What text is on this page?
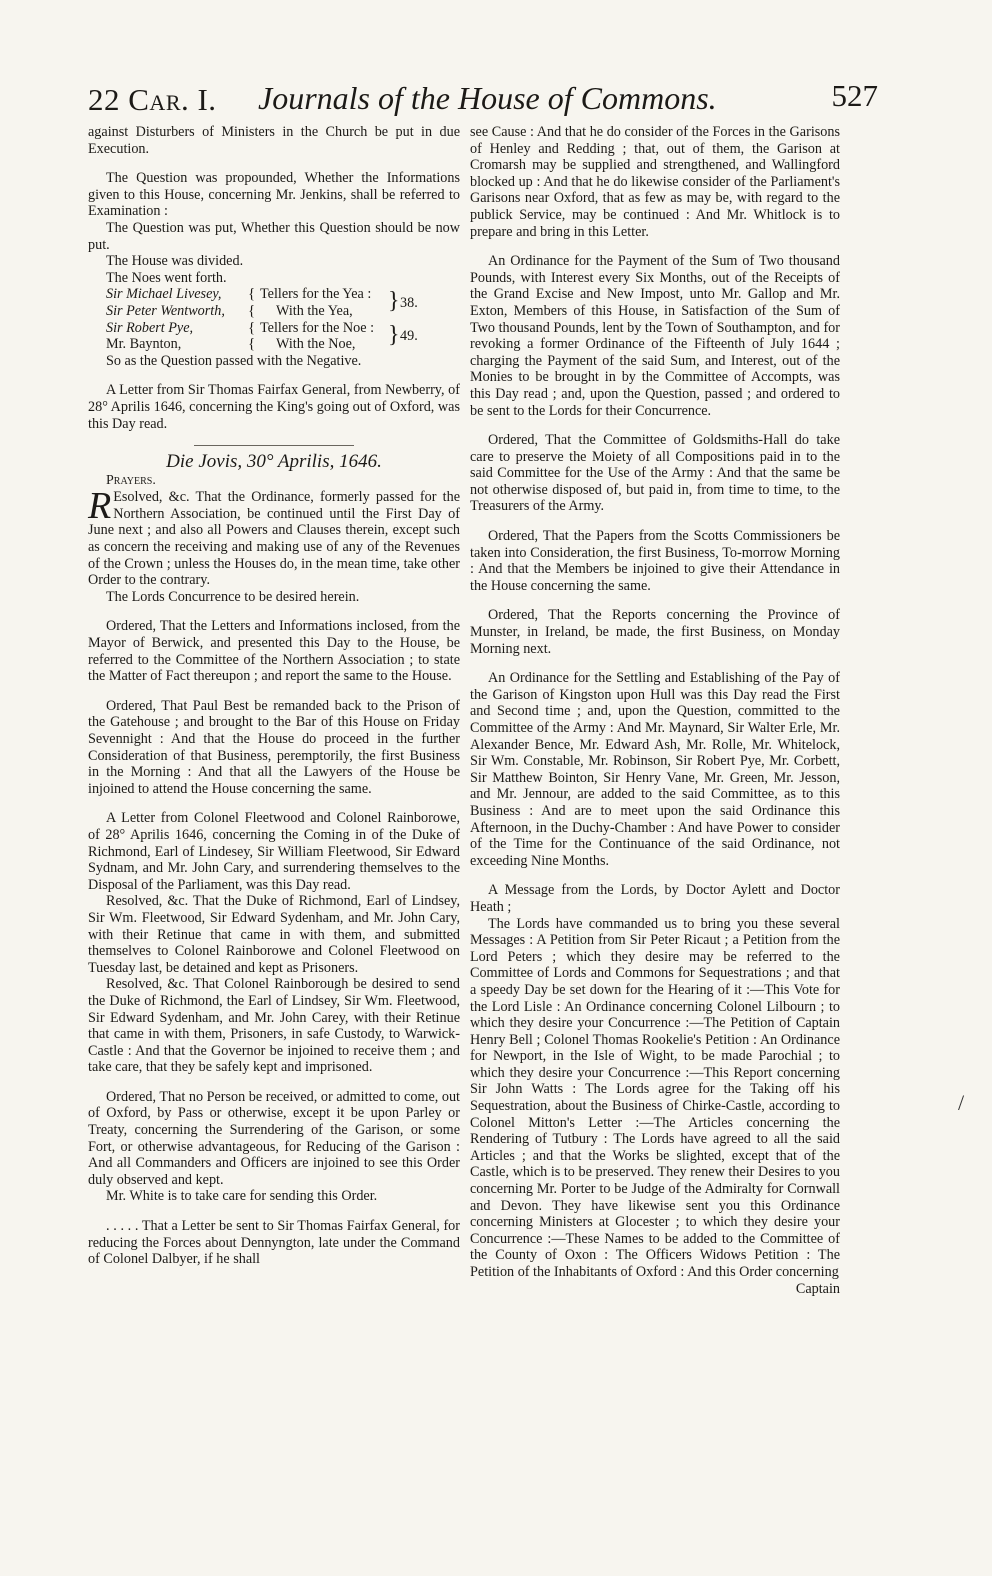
22 Car. I. Journals of the House of Commons.	527

against Disturbers of Ministers in the Church be put in due Execution.

The Question was propounded, Whether the Informations given to this House, concerning Mr. Jenkins, shall be referred to Examination :

The Question was put, Whether this Question should be now put.

The House was divided.

The Noes went forth.

Sir Michael Livesey,	{	Tellers for the Yea :	}	38.
Sir Peter Wentworth,	{	With the Yea,		
Sir Robert Pye,	{	Tellers for the Noe :	}	49.
Mr. Baynton,	{	With the Noe,		

So as the Question passed with the Negative.

A Letter from Sir Thomas Fairfax General, from Newberry, of 28° Aprilis 1646, concerning the King's going out of Oxford, was this Day read.

Die Jovis, 30° Aprilis, 1646.
Prayers.

R Esolved, &c. That the Ordinance, formerly passed for the Northern Association, be continued until the First Day of June next ; and also all Powers and Clauses therein, except such as concern the receiving and making use of any of the Revenues of the Crown ; unless the Houses do, in the mean time, take other Order to the contrary.

The Lords Concurrence to be desired herein.

Ordered, That the Letters and Informations inclosed, from the Mayor of Berwick, and presented this Day to the House, be referred to the Committee of the Northern Association ; to state the Matter of Fact thereupon ; and report the same to the House.

Ordered, That Paul Best be remanded back to the Prison of the Gatehouse ; and brought to the Bar of this House on Friday Sevennight : And that the House do proceed in the further Consideration of that Business, peremptorily, the first Business in the Morning : And that all the Lawyers of the House be injoined to attend the House concerning the same.

A Letter from Colonel Fleetwood and Colonel Rainborowe, of 28° Aprilis 1646, concerning the Coming in of the Duke of Richmond, Earl of Lindesey, Sir William Fleetwood, Sir Edward Sydnam, and Mr. John Cary, and surrendering themselves to the Disposal of the Parliament, was this Day read.

Resolved, &c. That the Duke of Richmond, Earl of Lindsey, Sir Wm. Fleetwood, Sir Edward Sydenham, and Mr. John Cary, with their Retinue that came in with them, and submitted themselves to Colonel Rainborowe and Colonel Fleetwood on Tuesday last, be detained and kept as Prisoners.

Resolved, &c. That Colonel Rainborough be desired to send the Duke of Richmond, the Earl of Lindsey, Sir Wm. Fleetwood, Sir Edward Sydenham, and Mr. John Carey, with their Retinue that came in with them, Prisoners, in safe Custody, to Warwick-Castle : And that the Governor be injoined to receive them ; and take care, that they be safely kept and imprisoned.

Ordered, That no Person be received, or admitted to come, out of Oxford, by Pass or otherwise, except it be upon Parley or Treaty, concerning the Surrendering of the Garison, or some Fort, or otherwise advantageous, for Reducing of the Garison : And all Commanders and Officers are injoined to see this Order duly observed and kept.

Mr. White is to take care for sending this Order.

. . . . . That a Letter be sent to Sir Thomas Fairfax General, for reducing the Forces about Dennyngton, late under the Command of Colonel Dalbyer, if he shall

see Cause : And that he do consider of the Forces in the Garisons of Henley and Redding ; that, out of them, the Garison at Cromarsh may be supplied and strengthened, and Wallingford blocked up : And that he do likewise consider of the Parliament's Garisons near Oxford, that as few as may be, with regard to the publick Service, may be continued : And Mr. Whitlock is to prepare and bring in this Letter.

An Ordinance for the Payment of the Sum of Two thousand Pounds, with Interest every Six Months, out of the Receipts of the Grand Excise and New Impost, unto Mr. Gallop and Mr. Exton, Members of this House, in Satisfaction of the Sum of Two thousand Pounds, lent by the Town of Southampton, and for revoking a former Ordinance of the Fifteenth of July 1644 ; charging the Payment of the said Sum, and Interest, out of the Monies to be brought in by the Committee of Accompts, was this Day read ; and, upon the Question, passed ; and ordered to be sent to the Lords for their Concurrence.

Ordered, That the Committee of Goldsmiths-Hall do take care to preserve the Moiety of all Compositions paid in to the said Committee for the Use of the Army : And that the same be not otherwise disposed of, but paid in, from time to time, to the Treasurers of the Army.

Ordered, That the Papers from the Scotts Commissioners be taken into Consideration, the first Business, To-morrow Morning : And that the Members be injoined to give their Attendance in the House concerning the same.

Ordered, That the Reports concerning the Province of Munster, in Ireland, be made, the first Business, on Monday Morning next.

An Ordinance for the Settling and Establishing of the Pay of the Garison of Kingston upon Hull was this Day read the First and Second time ; and, upon the Question, committed to the Committee of the Army : And Mr. Maynard, Sir Walter Erle, Mr. Alexander Bence, Mr. Edward Ash, Mr. Rolle, Mr. Whitelock, Sir Wm. Constable, Mr. Robinson, Sir Robert Pye, Mr. Corbett, Sir Matthew Bointon, Sir Henry Vane, Mr. Green, Mr. Jesson, and Mr. Jennour, are added to the said Committee, as to this Business : And are to meet upon the said Ordinance this Afternoon, in the Duchy-Chamber : And have Power to consider of the Time for the Continuance of the said Ordinance, not exceeding Nine Months.

A Message from the Lords, by Doctor Aylett and Doctor Heath ;

The Lords have commanded us to bring you these several Messages : A Petition from Sir Peter Ricaut ; a Petition from the Lord Peters ; which they desire may be referred to the Committee of Lords and Commons for Sequestrations ; and that a speedy Day be set down for the Hearing of it :—This Vote for the Lord Lisle : An Ordinance concerning Colonel Lilbourn ; to which they desire your Concurrence :—The Petition of Captain Henry Bell ; Colonel Thomas Rookelie's Petition : An Ordinance for Newport, in the Isle of Wight, to be made Parochial ; to which they desire your Concurrence :—This Report concerning Sir John Watts : The Lords agree for the Taking off his Sequestration, about the Business of Chirke-Castle, according to Colonel Mitton's Letter :—The Articles concerning the Rendering of Tutbury : The Lords have agreed to all the said Articles ; and that the Works be slighted, except that of the Castle, which is to be preserved. They renew their Desires to you concerning Mr. Porter to be Judge of the Admiralty for Cornwall and Devon. They have likewise sent you this Ordinance concerning Ministers at Glocester ; to which they desire your Concurrence :—These Names to be added to the Committee of the County of Oxon : The Officers Widows Petition : The Petition of the Inhabitants of Oxford : And this Order concerning

Captain
/
